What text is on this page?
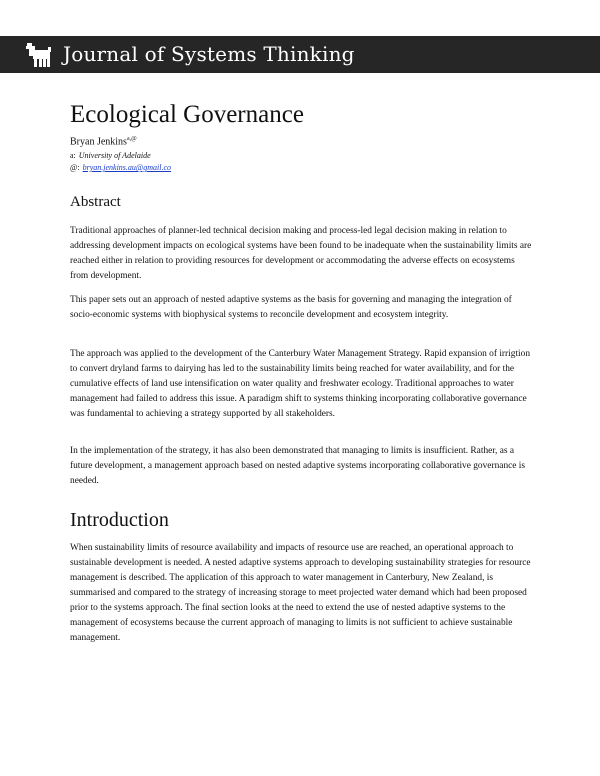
Journal of Systems Thinking
Ecological Governance
Bryan Jenkins$^{a,@}$
a: University of Adelaide
@: bryan.jenkins.au@gmail.co
Abstract

Traditional approaches of planner-led technical decision making and process-led legal decision making in relation to addressing development impacts on ecological systems have been found to be inadequate when the sustainability limits are reached either in relation to providing resources for development or accommodating the adverse effects on ecosystems from development.

This paper sets out an approach of nested adaptive systems as the basis for governing and managing the integration of socio-economic systems with biophysical systems to reconcile development and ecosystem integrity.

The approach was applied to the development of the Canterbury Water Management Strategy. Rapid expansion of irrigtion to convert dryland farms to dairying has led to the sustainability limits being reached for water availability, and for the cumulative effects of land use intensification on water quality and freshwater ecology. Traditional approaches to water management had failed to address this issue. A paradigm shift to systems thinking incorporating collaborative governance was fundamental to achieving a strategy supported by all stakeholders.

In the implementation of the strategy, it has also been demonstrated that managing to limits is insufficient. Rather, as a future development, a management approach based on nested adaptive systems incorporating collaborative governance is needed.

Introduction

When sustainability limits of resource availability and impacts of resource use are reached, an operational approach to sustainable development is needed. A nested adaptive systems approach to developing sustainability strategies for resource management is described. The application of this approach to water management in Canterbury, New Zealand, is summarised and compared to the strategy of increasing storage to meet projected water demand which had been proposed prior to the systems approach. The final section looks at the need to extend the use of nested adaptive systems to the management of ecosystems because the current approach of managing to limits is not sufficient to achieve sustainable management.
